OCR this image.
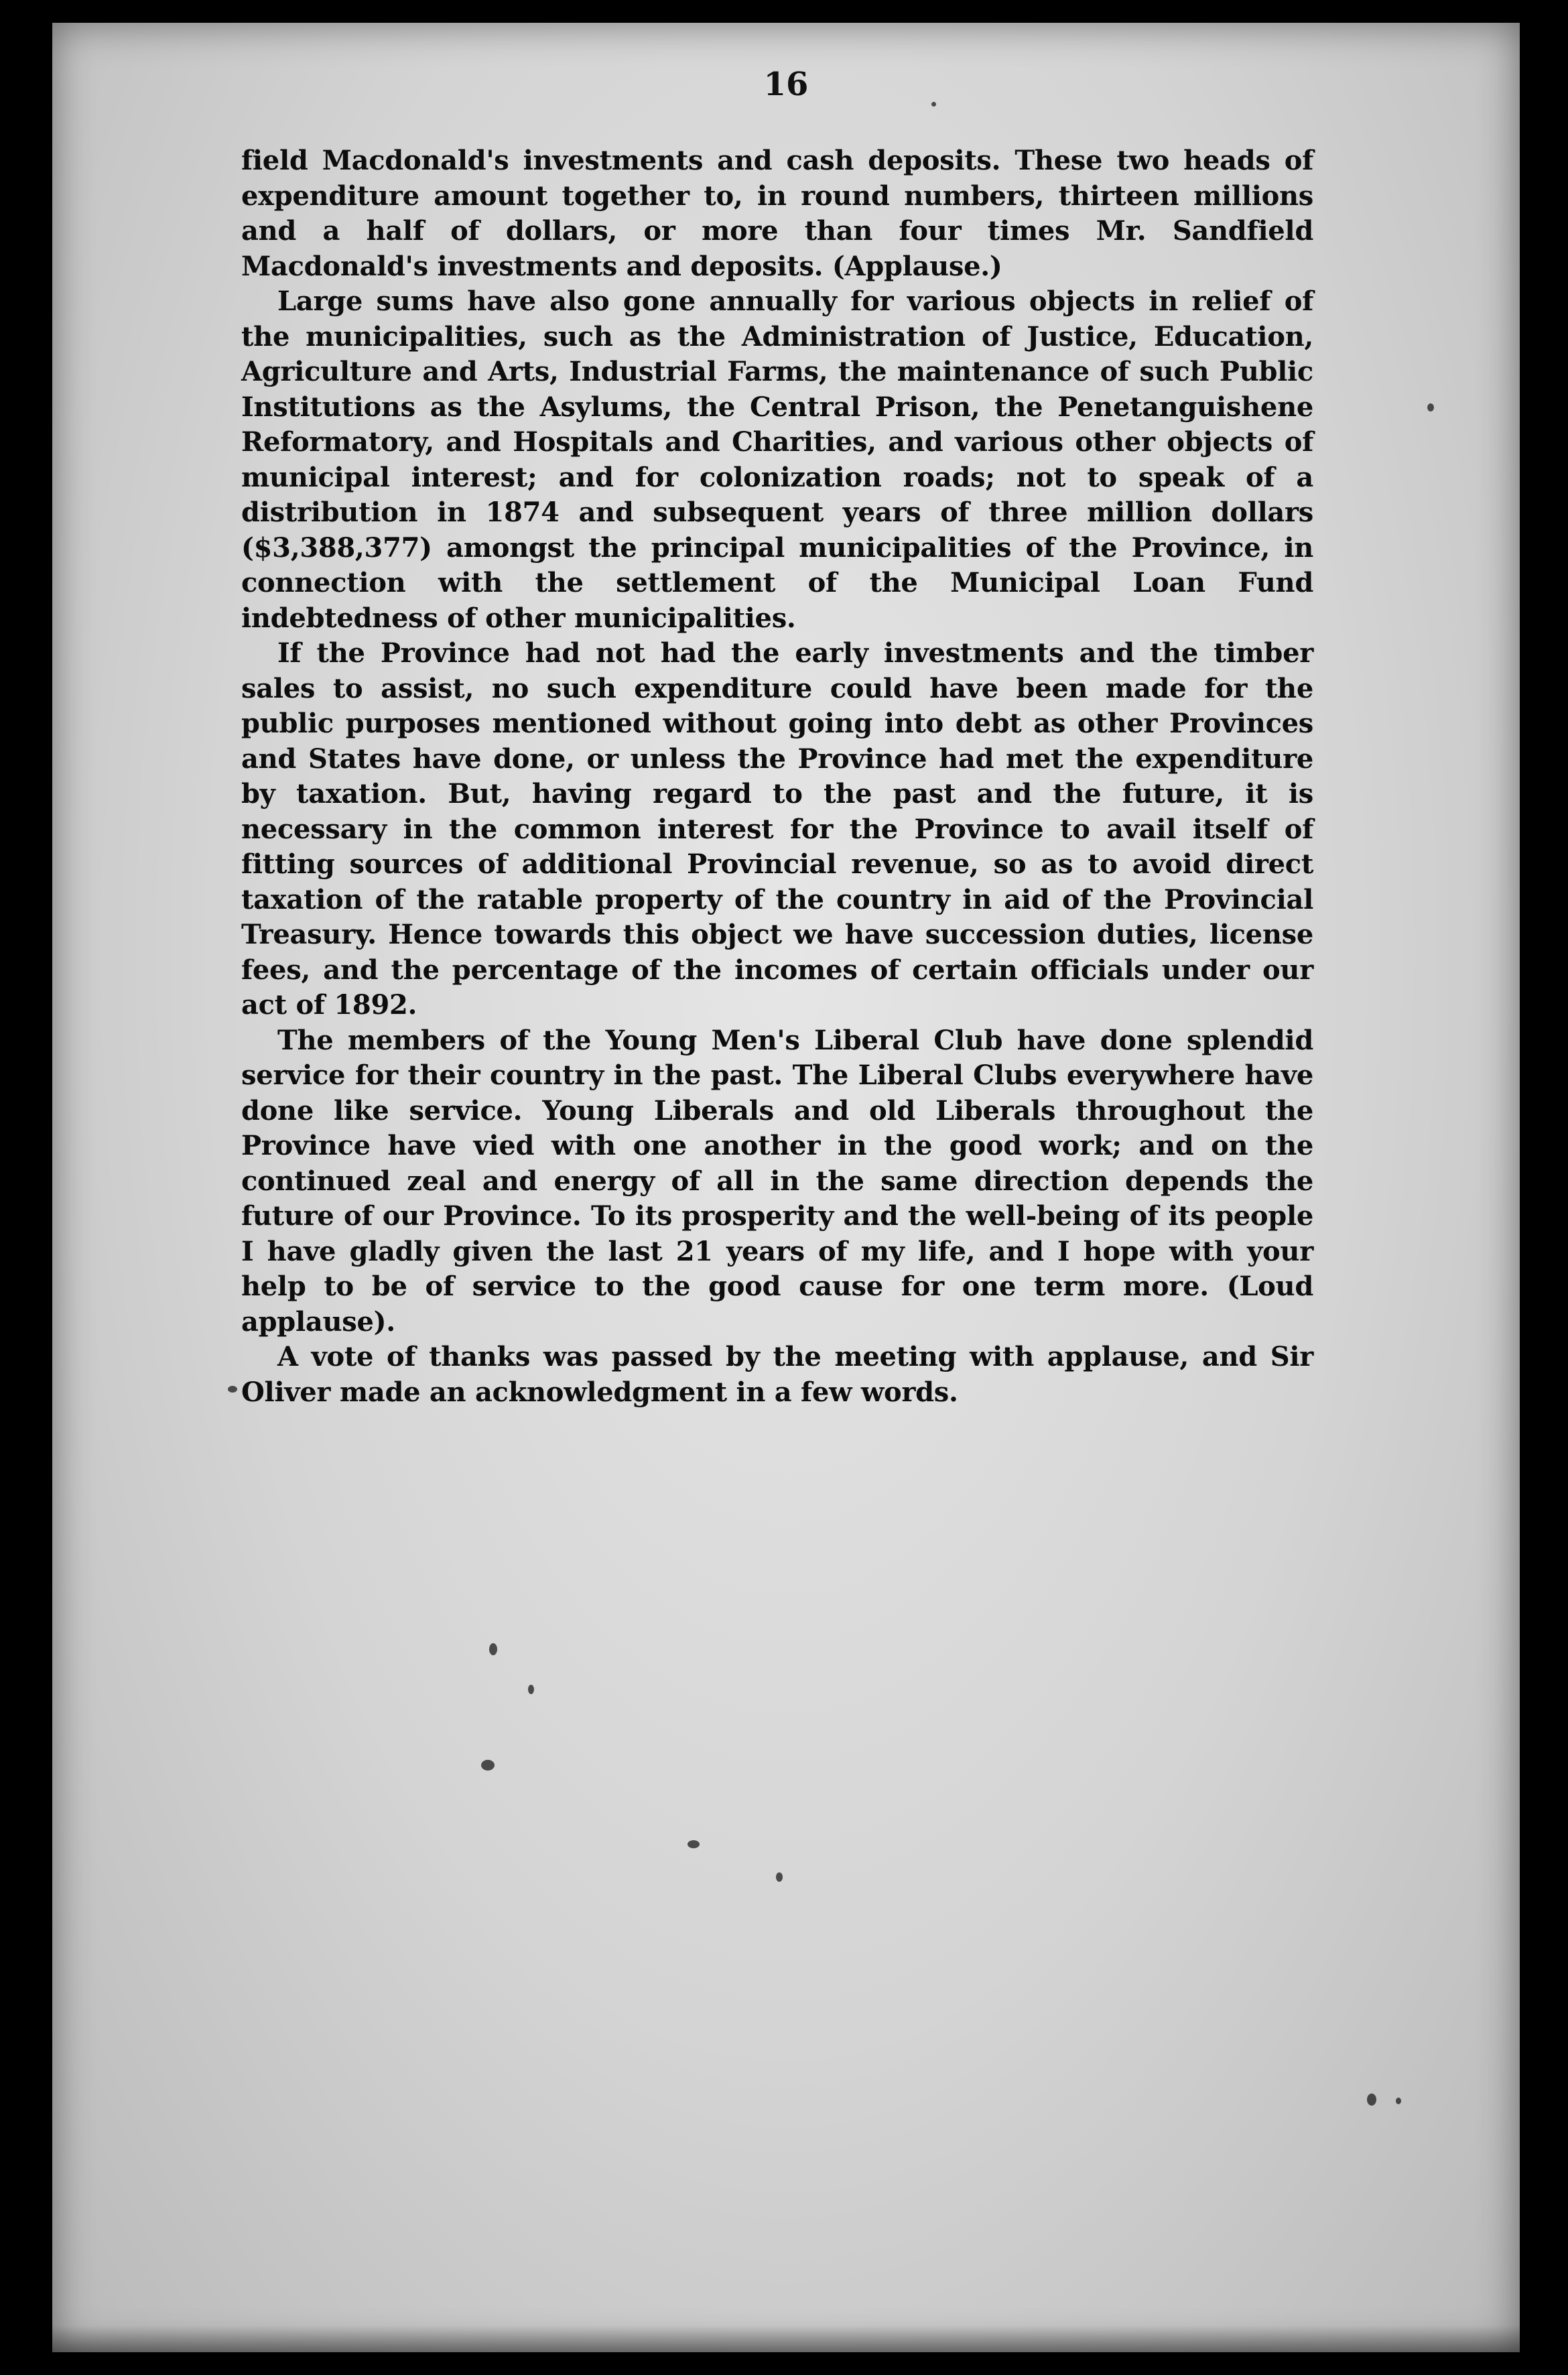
16

field Macdonald's investments and cash deposits. These two heads of expenditure amount together to, in round numbers, thirteen millions and a half of dollars, or more than four times Mr. Sandfield Macdonald's investments and deposits. (Applause.)

Large sums have also gone annually for various objects in relief of the municipalities, such as the Administration of Justice, Education, Agriculture and Arts, Industrial Farms, the maintenance of such Public Institutions as the Asylums, the Central Prison, the Penetanguishene Reformatory, and Hospitals and Charities, and various other objects of municipal interest; and for colonization roads; not to speak of a distribution in 1874 and subsequent years of three million dollars ($3,388,377) amongst the principal municipalities of the Province, in connection with the settlement of the Municipal Loan Fund indebtedness of other municipalities.

If the Province had not had the early investments and the timber sales to assist, no such expenditure could have been made for the public purposes mentioned without going into debt as other Provinces and States have done, or unless the Province had met the expenditure by taxation. But, having regard to the past and the future, it is necessary in the common interest for the Province to avail itself of fitting sources of additional Provincial revenue, so as to avoid direct taxation of the ratable property of the country in aid of the Provincial Treasury. Hence towards this object we have succession duties, license fees, and the percentage of the incomes of certain officials under our act of 1892.

The members of the Young Men's Liberal Club have done splendid service for their country in the past. The Liberal Clubs everywhere have done like service. Young Liberals and old Liberals throughout the Province have vied with one another in the good work; and on the continued zeal and energy of all in the same direction depends the future of our Province. To its prosperity and the well-being of its people I have gladly given the last 21 years of my life, and I hope with your help to be of service to the good cause for one term more. (Loud applause).

A vote of thanks was passed by the meeting with applause, and Sir Oliver made an acknowledgment in a few words.
